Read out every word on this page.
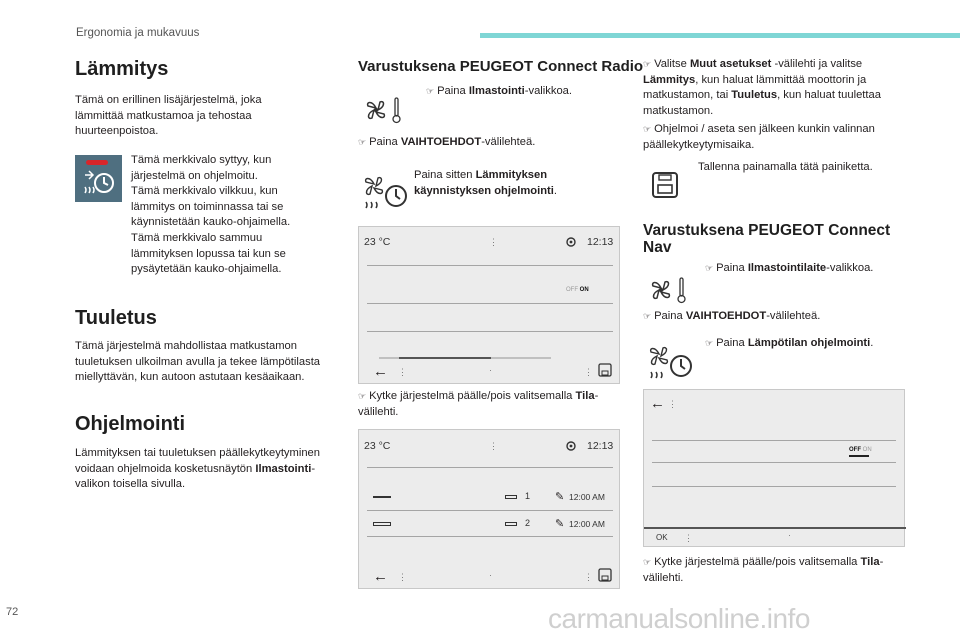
Ergonomia ja mukavuus
Lämmitys
Tämä on erillinen lisäjärjestelmä, joka lämmittää matkustamoa ja tehostaa huurteenpoistoa.
Tämä merkkivalo syttyy, kun
järjestelmä on ohjelmoitu.
Tämä merkkivalo vilkkuu, kun
lämmitys on toiminnassa tai se
käynnistetään kauko-ohjaimella.
Tämä merkkivalo sammuu
lämmityksen lopussa tai kun se
pysäytetään kauko-ohjaimella.
Tuuletus
Tämä järjestelmä mahdollistaa matkustamon tuuletuksen ulkoilman avulla ja tekee lämpötilasta miellyttävän, kun autoon astutaan kesäaikaan.
Ohjelmointi
Lämmityksen tai tuuletuksen päällekytkeytyminen voidaan ohjelmoida kosketusnäytön Ilmastointi-valikon toisella sivulla.
Varustuksena PEUGEOT Connect Radio
☞ Paina Ilmastointi-valikkoa.
☞ Paina VAIHTOEHDOT-välilehteä.
Paina sitten Lämmityksen käynnistyksen ohjelmointi.
23 °C	⋮	12:13
OFF ON
← ⋮	·	⋮
☞ Kytke järjestelmä päälle/pois valitsemalla Tila-välilehti.
23 °C	⋮	12:13
1 ✎ 12:00 AM
2 ✎ 12:00 AM
← ⋮	·	⋮
☞ Valitse Muut asetukset -välilehti ja valitse Lämmitys, kun haluat lämmittää moottorin ja matkustamon, tai Tuuletus, kun haluat tuulettaa matkustamon.
☞ Ohjelmoi / aseta sen jälkeen kunkin valinnan päällekytkeytymisaika.
Tallenna painamalla tätä painiketta.
Varustuksena PEUGEOT Connect Nav
☞ Paina Ilmastointilaite-valikkoa.
☞ Paina VAIHTOEHDOT-välilehteä.
☞ Paina Lämpötilan ohjelmointi.
← ⋮
OFF ON
OK ⋮	·
☞ Kytke järjestelmä päälle/pois valitsemalla Tila-välilehti.
72	carmanualsonline.info
